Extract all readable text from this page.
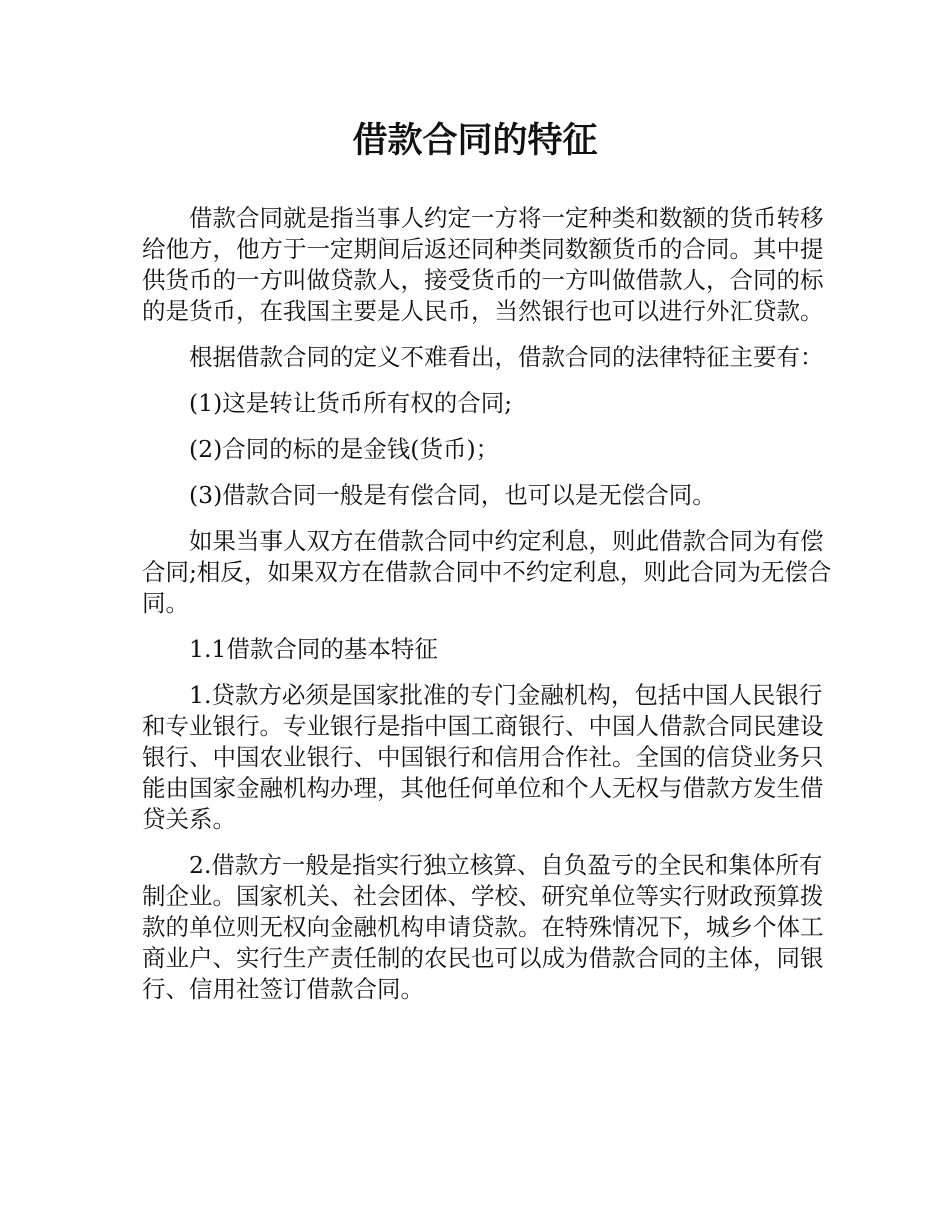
借款合同的特征

借款合同就是指当事人约定一方将一定种类和数额的货币转移给他方，他方于一定期间后返还同种类同数额货币的合同。其中提供货币的一方叫做贷款人，接受货币的一方叫做借款人，合同的标的是货币，在我国主要是人民币，当然银行也可以进行外汇贷款。

根据借款合同的定义不难看出，借款合同的法律特征主要有：

(1)这是转让货币所有权的合同;

(2)合同的标的是金钱(货币)；

(3)借款合同一般是有偿合同，也可以是无偿合同。

如果当事人双方在借款合同中约定利息，则此借款合同为有偿合同;相反，如果双方在借款合同中不约定利息，则此合同为无偿合同。

1.1借款合同的基本特征

1.贷款方必须是国家批准的专门金融机构，包括中国人民银行和专业银行。专业银行是指中国工商银行、中国人借款合同民建设银行、中国农业银行、中国银行和信用合作社。全国的信贷业务只能由国家金融机构办理，其他任何单位和个人无权与借款方发生借贷关系。

2.借款方一般是指实行独立核算、自负盈亏的全民和集体所有制企业。国家机关、社会团体、学校、研究单位等实行财政预算拨款的单位则无权向金融机构申请贷款。在特殊情况下，城乡个体工商业户、实行生产责任制的农民也可以成为借款合同的主体，同银行、信用社签订借款合同。
